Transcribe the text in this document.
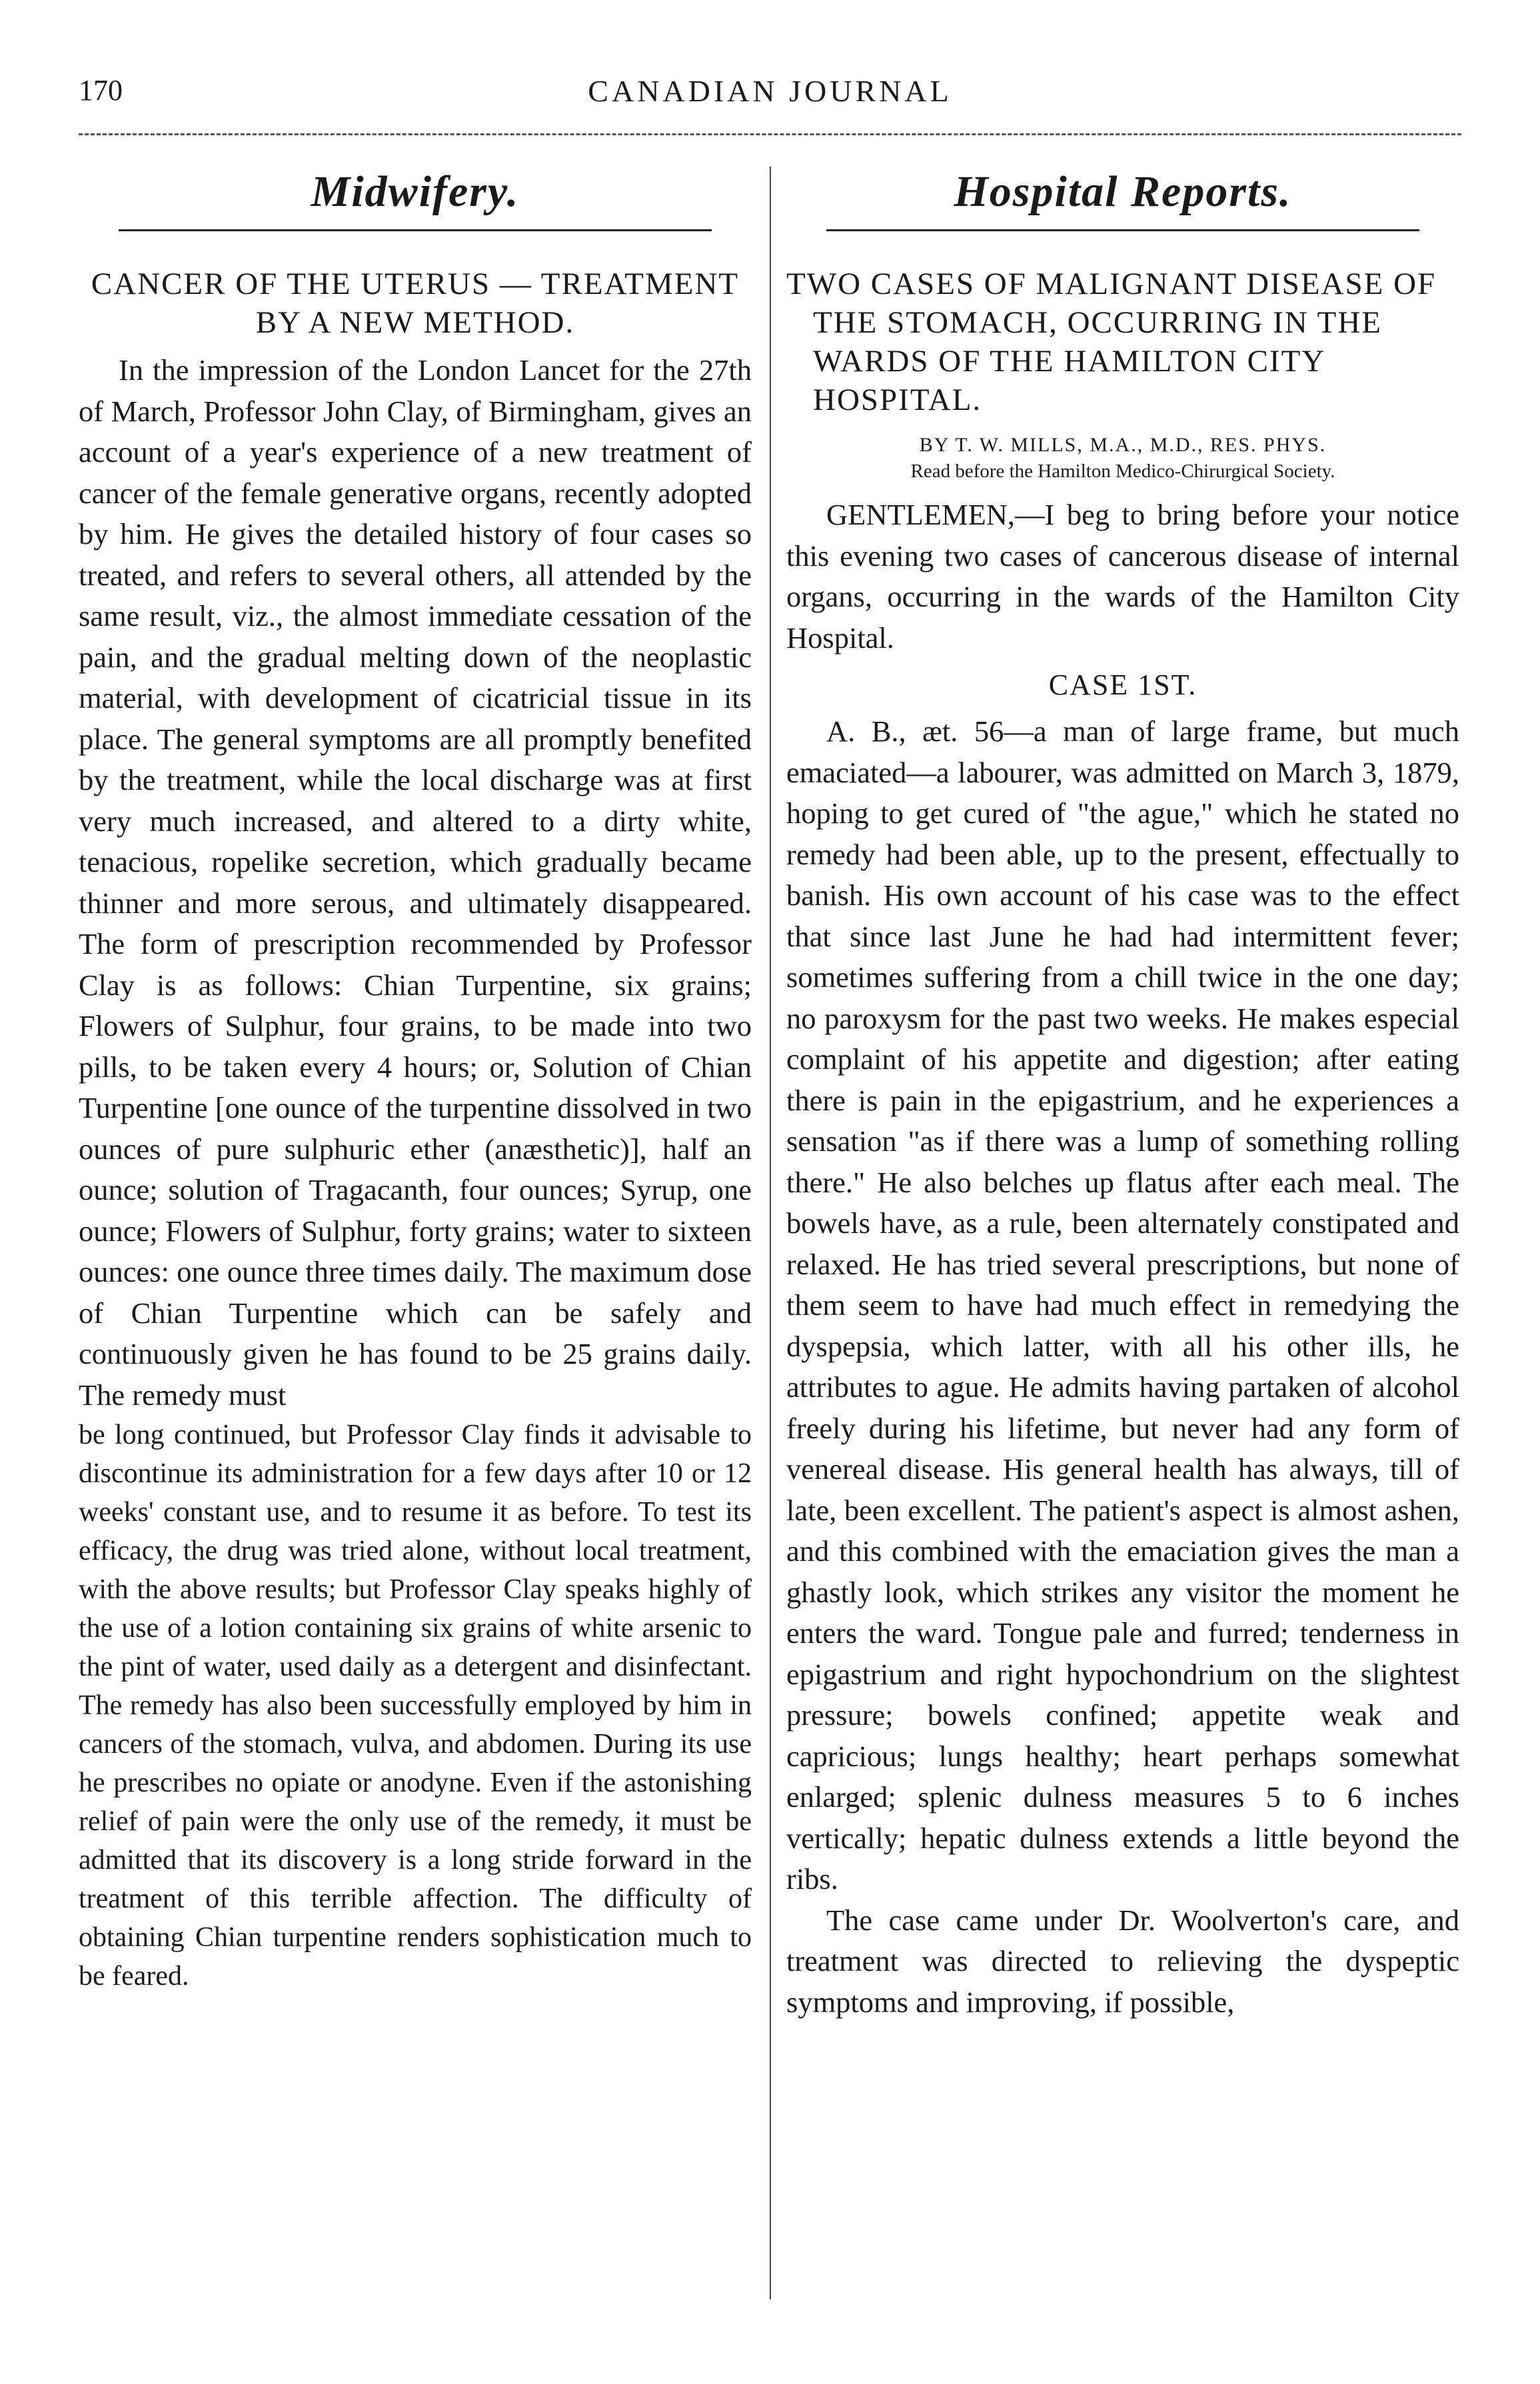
170	CANADIAN JOURNAL
Midwifery.
CANCER OF THE UTERUS — TREATMENT BY A NEW METHOD.

In the impression of the London Lancet for the 27th of March, Professor John Clay, of Birmingham, gives an account of a year's experience of a new treatment of cancer of the female generative organs, recently adopted by him. He gives the detailed history of four cases so treated, and refers to several others, all attended by the same result, viz., the almost immediate cessation of the pain, and the gradual melting down of the neoplastic material, with development of cicatricial tissue in its place. The general symptoms are all promptly benefited by the treatment, while the local discharge was at first very much increased, and altered to a dirty white, tenacious, ropelike secretion, which gradually became thinner and more serous, and ultimately disappeared. The form of prescription recommended by Professor Clay is as follows: Chian Turpentine, six grains; Flowers of Sulphur, four grains, to be made into two pills, to be taken every 4 hours; or, Solution of Chian Turpentine [one ounce of the turpentine dissolved in two ounces of pure sulphuric ether (anæsthetic)], half an ounce; solution of Tragacanth, four ounces; Syrup, one ounce; Flowers of Sulphur, forty grains; water to sixteen ounces: one ounce three times daily. The maximum dose of Chian Turpentine which can be safely and continuously given he has found to be 25 grains daily. The remedy must

be long continued, but Professor Clay finds it advisable to discontinue its administration for a few days after 10 or 12 weeks' constant use, and to resume it as before. To test its efficacy, the drug was tried alone, without local treatment, with the above results; but Professor Clay speaks highly of the use of a lotion containing six grains of white arsenic to the pint of water, used daily as a detergent and disinfectant. The remedy has also been successfully employed by him in cancers of the stomach, vulva, and abdomen. During its use he prescribes no opiate or anodyne. Even if the astonishing relief of pain were the only use of the remedy, it must be admitted that its discovery is a long stride forward in the treatment of this terrible affection. The difficulty of obtaining Chian turpentine renders sophistication much to be feared.

Hospital Reports.
TWO CASES OF MALIGNANT DISEASE OF THE STOMACH, OCCURRING IN THE WARDS OF THE HAMILTON CITY HOSPITAL.
BY T. W. MILLS, M.A., M.D., RES. PHYS.
Read before the Hamilton Medico-Chirurgical Society.

GENTLEMEN,—I beg to bring before your notice this evening two cases of cancerous disease of internal organs, occurring in the wards of the Hamilton City Hospital.

CASE 1ST.

A. B., æt. 56—a man of large frame, but much emaciated—a labourer, was admitted on March 3, 1879, hoping to get cured of "the ague," which he stated no remedy had been able, up to the present, effectually to banish. His own account of his case was to the effect that since last June he had had intermittent fever; sometimes suffering from a chill twice in the one day; no paroxysm for the past two weeks. He makes especial complaint of his appetite and digestion; after eating there is pain in the epigastrium, and he experiences a sensation "as if there was a lump of something rolling there." He also belches up flatus after each meal. The bowels have, as a rule, been alternately constipated and relaxed. He has tried several prescriptions, but none of them seem to have had much effect in remedying the dyspepsia, which latter, with all his other ills, he attributes to ague. He admits having partaken of alcohol freely during his lifetime, but never had any form of venereal disease. His general health has always, till of late, been excellent. The patient's aspect is almost ashen, and this combined with the emaciation gives the man a ghastly look, which strikes any visitor the moment he enters the ward. Tongue pale and furred; tenderness in epigastrium and right hypochondrium on the slightest pressure; bowels confined; appetite weak and capricious; lungs healthy; heart perhaps somewhat enlarged; splenic dulness measures 5 to 6 inches vertically; hepatic dulness extends a little beyond the ribs.

The case came under Dr. Woolverton's care, and treatment was directed to relieving the dyspeptic symptoms and improving, if possible,
